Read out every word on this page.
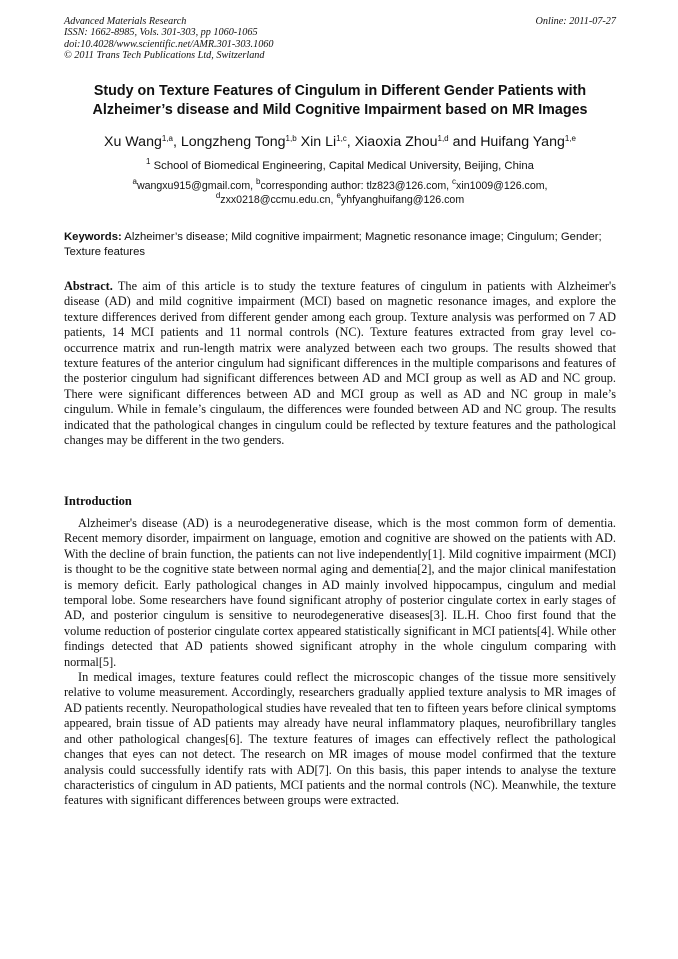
Advanced Materials Research
ISSN: 1662-8985, Vols. 301-303, pp 1060-1065
doi:10.4028/www.scientific.net/AMR.301-303.1060
© 2011 Trans Tech Publications Ltd, Switzerland
Online: 2011-07-27
Study on Texture Features of Cingulum in Different Gender Patients with
Alzheimer’s disease and Mild Cognitive Impairment based on MR Images
Xu Wang$^{1,a}$, Longzheng Tong$^{1,b}$ Xin Li$^{1,c}$, Xiaoxia Zhou$^{1,d}$ and Huifang Yang$^{1,e}$
$^1$ School of Biomedical Engineering, Capital Medical University, Beijing, China
$^a$wangxu915@gmail.com, $^b$corresponding author: tlz823@126.com, $^c$xin1009@126.com,
$^d$zxx0218@ccmu.edu.cn, $^e$yhfyanghuifang@126.com
Keywords: Alzheimer’s disease; Mild cognitive impairment; Magnetic resonance image; Cingulum; Gender; Texture features

Abstract. The aim of this article is to study the texture features of cingulum in patients with Alzheimer's disease (AD) and mild cognitive impairment (MCI) based on magnetic resonance images, and explore the texture differences derived from different gender among each group. Texture analysis was performed on 7 AD patients, 14 MCI patients and 11 normal controls (NC). Texture features extracted from gray level co-occurrence matrix and run-length matrix were analyzed between each two groups. The results showed that texture features of the anterior cingulum had significant differences in the multiple comparisons and features of the posterior cingulum had significant differences between AD and MCI group as well as AD and NC group. There were significant differences between AD and MCI group as well as AD and NC group in male’s cingulum. While in female’s cingulaum, the differences were founded between AD and NC group. The results indicated that the pathological changes in cingulum could be reflected by texture features and the pathological changes may be different in the two genders.

Introduction

Alzheimer's disease (AD) is a neurodegenerative disease, which is the most common form of dementia. Recent memory disorder, impairment on language, emotion and cognitive are showed on the patients with AD. With the decline of brain function, the patients can not live independently[1]. Mild cognitive impairment (MCI) is thought to be the cognitive state between normal aging and dementia[2], and the major clinical manifestation is memory deficit. Early pathological changes in AD mainly involved hippocampus, cingulum and medial temporal lobe. Some researchers have found significant atrophy of posterior cingulate cortex in early stages of AD, and posterior cingulum is sensitive to neurodegenerative diseases[3]. IL.H. Choo first found that the volume reduction of posterior cingulate cortex appeared statistically significant in MCI patients[4]. While other findings detected that AD patients showed significant atrophy in the whole cingulum comparing with normal[5].

In medical images, texture features could reflect the microscopic changes of the tissue more sensitively relative to volume measurement. Accordingly, researchers gradually applied texture analysis to MR images of AD patients recently. Neuropathological studies have revealed that ten to fifteen years before clinical symptoms appeared, brain tissue of AD patients may already have neural inflammatory plaques, neurofibrillary tangles and other pathological changes[6]. The texture features of images can effectively reflect the pathological changes that eyes can not detect. The research on MR images of mouse model confirmed that the texture analysis could successfully identify rats with AD[7]. On this basis, this paper intends to analyse the texture characteristics of cingulum in AD patients, MCI patients and the normal controls (NC). Meanwhile, the texture features with significant differences between groups were extracted.
